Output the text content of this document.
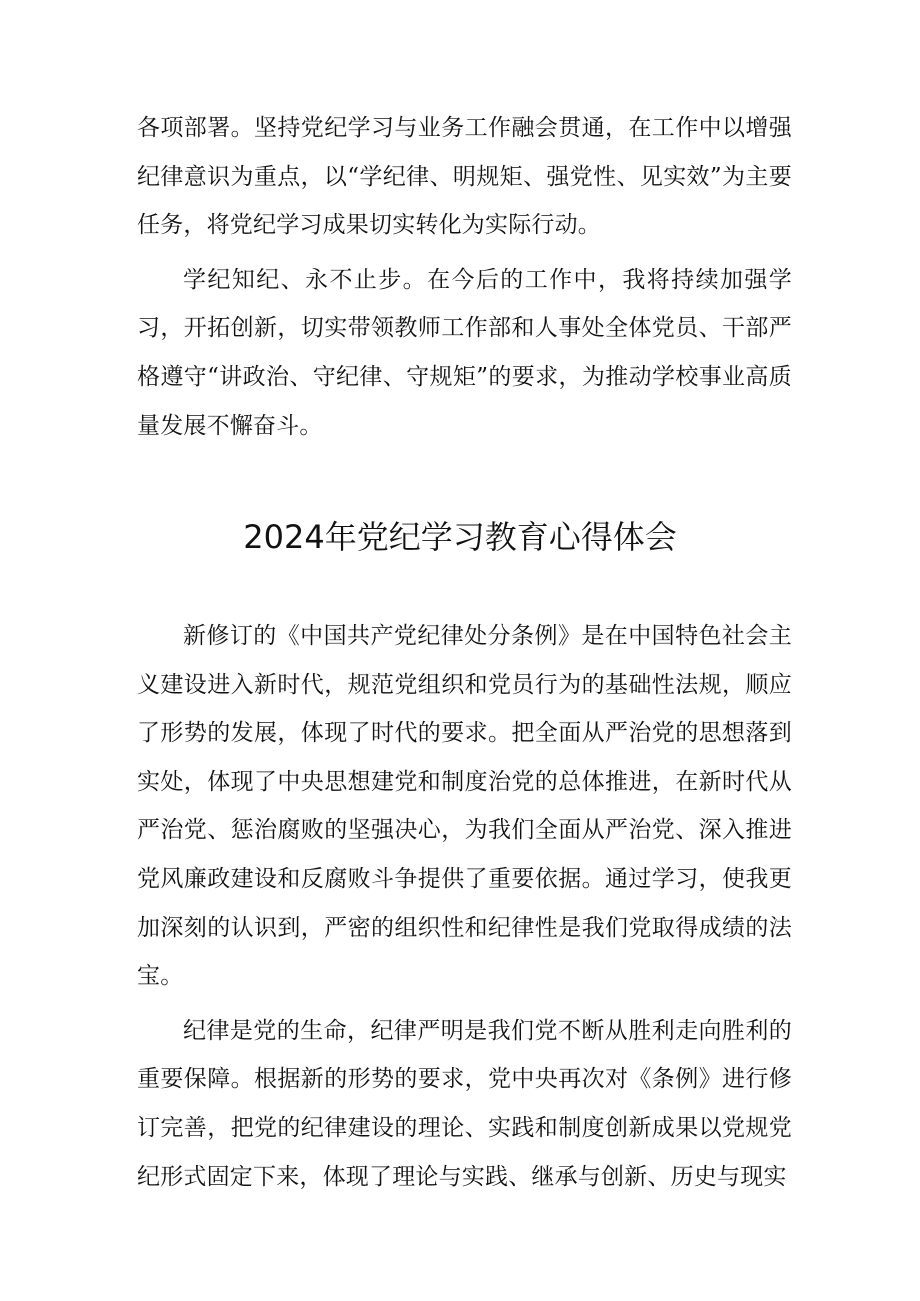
各项部署。坚持党纪学习与业务工作融会贯通，在工作中以增强纪律意识为重点，以“学纪律、明规矩、强党性、见实效”为主要任务，将党纪学习成果切实转化为实际行动。

学纪知纪、永不止步。在今后的工作中，我将持续加强学习，开拓创新，切实带领教师工作部和人事处全体党员、干部严格遵守“讲政治、守纪律、守规矩”的要求，为推动学校事业高质量发展不懈奋斗。

2024年党纪学习教育心得体会

新修订的《中国共产党纪律处分条例》是在中国特色社会主义建设进入新时代，规范党组织和党员行为的基础性法规，顺应了形势的发展，体现了时代的要求。把全面从严治党的思想落到实处，体现了中央思想建党和制度治党的总体推进，在新时代从严治党、惩治腐败的坚强决心，为我们全面从严治党、深入推进党风廉政建设和反腐败斗争提供了重要依据。通过学习，使我更加深刻的认识到，严密的组织性和纪律性是我们党取得成绩的法宝。

纪律是党的生命，纪律严明是我们党不断从胜利走向胜利的重要保障。根据新的形势的要求，党中央再次对《条例》进行修订完善，把党的纪律建设的理论、实践和制度创新成果以党规党纪形式固定下来，体现了理论与实践、继承与创新、历史与现实
